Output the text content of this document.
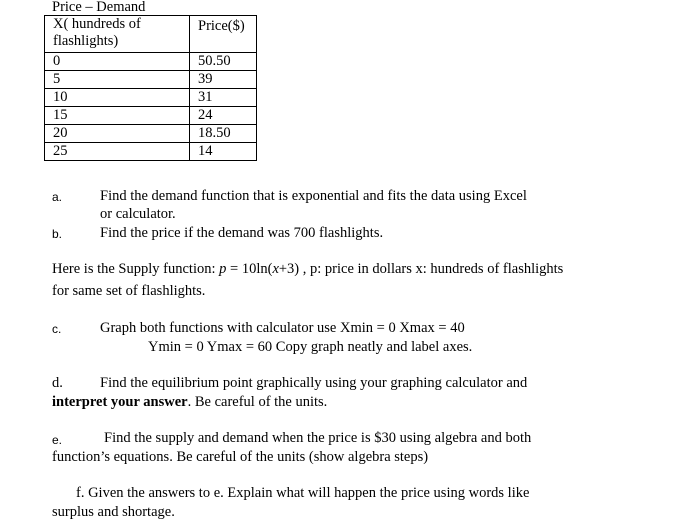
Price – Demand
X( hundreds of
flashlights)	Price($)
0	50.50
5	39
10	31
15	24
20	18.50
25	14
a.	Find the demand function that is exponential and fits the data using Excel
or calculator.
b.	Find the price if the demand was 700 flashlights.
Here is the Supply function: p = 10ln(x+3) , p: price in dollars x: hundreds of flashlights
for same set of flashlights.
c.	Graph both functions with calculator use Xmin = 0 Xmax = 40
Ymin = 0 Ymax = 60 Copy graph neatly and label axes.
d.	Find the equilibrium point graphically using your graphing calculator and
interpret your answer. Be careful of the units.
e.	Find the supply and demand when the price is $30 using algebra and both
function’s equations. Be careful of the units (show algebra steps)
f. Given the answers to e. Explain what will happen the price using words like
surplus and shortage.
